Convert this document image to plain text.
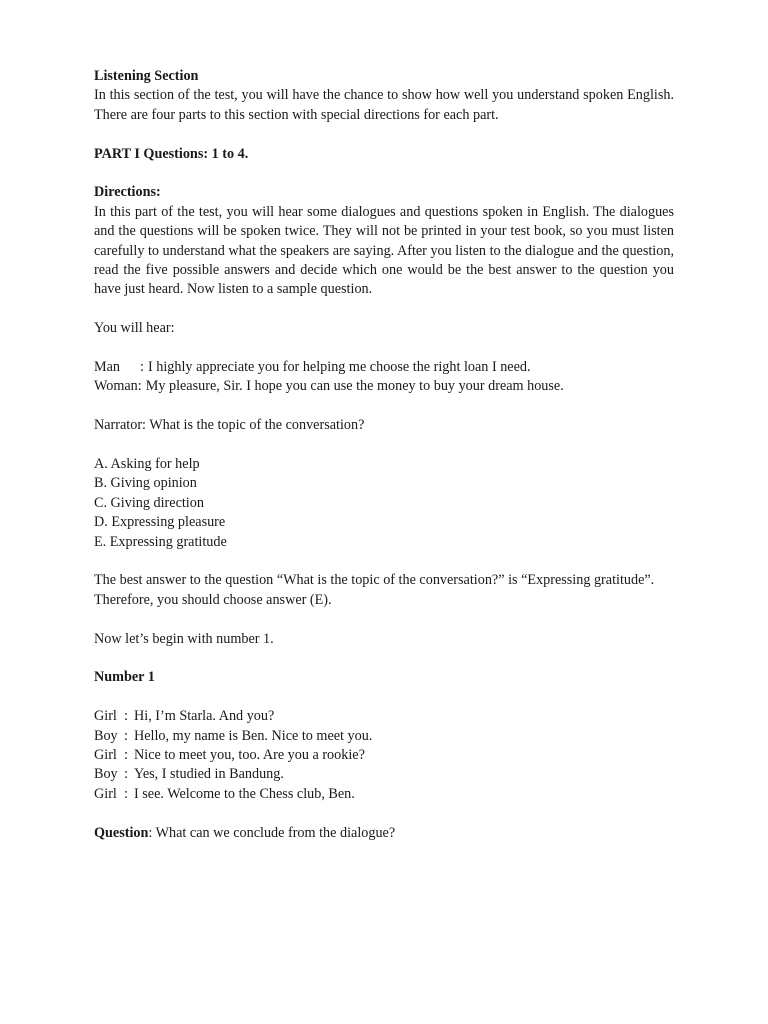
Listening Section

In this section of the test, you will have the chance to show how well you understand spoken English. There are four parts to this section with special directions for each part.

PART I Questions: 1 to 4.

Directions:

In this part of the test, you will hear some dialogues and questions spoken in English. The dialogues and the questions will be spoken twice. They will not be printed in your test book, so you must listen carefully to understand what the speakers are saying. After you listen to the dialogue and the question, read the five possible answers and decide which one would be the best answer to the question you have just heard. Now listen to a sample question.

You will hear:

Man	: I highly appreciate you for helping me choose the right loan I need.
Woman: My pleasure, Sir. I hope you can use the money to buy your dream house.

Narrator: What is the topic of the conversation?

A. Asking for help

B. Giving opinion

C. Giving direction

D. Expressing pleasure

E. Expressing gratitude

The best answer to the question “What is the topic of the conversation?” is “Expressing gratitude”. Therefore, you should choose answer (E).

Now let’s begin with number 1.

Number 1

Girl : Hi, I’m Starla. And you?
Boy : Hello, my name is Ben. Nice to meet you.
Girl : Nice to meet you, too. Are you a rookie?
Boy : Yes, I studied in Bandung.
Girl : I see. Welcome to the Chess club, Ben.

Question: What can we conclude from the dialogue?
